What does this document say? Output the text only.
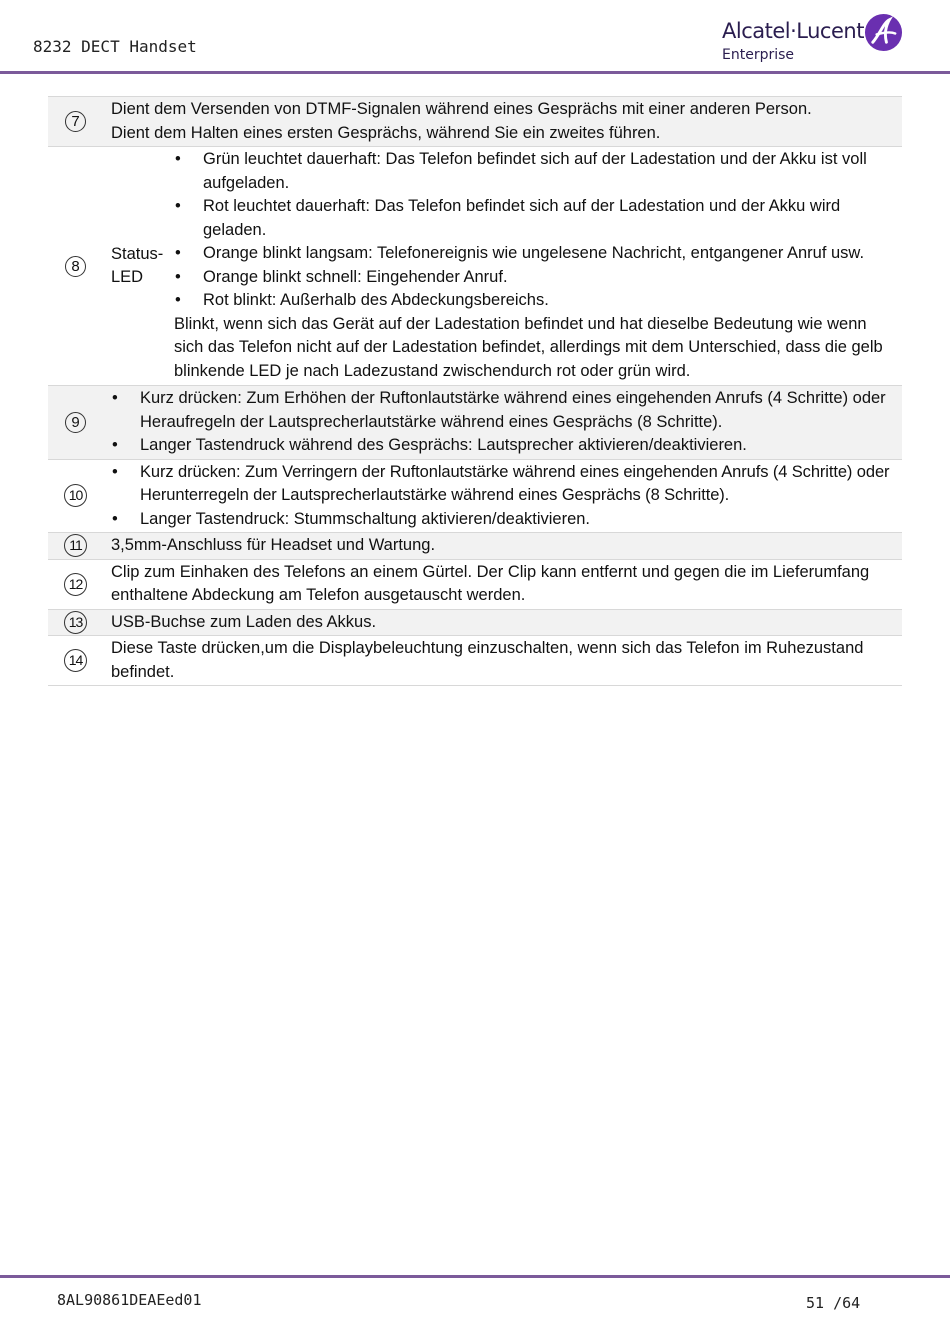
8232 DECT Handset
Alcatel·Lucent
Enterprise
7

Dient dem Versenden von DTMF-Signalen während eines Gesprächs mit einer anderen Person.

Dient dem Halten eines ersten Gesprächs, während Sie ein zweites führen.

8
Status-LED
• Grün leuchtet dauerhaft: Das Telefon befindet sich auf der Ladestation und der Akku ist voll aufgeladen.
• Rot leuchtet dauerhaft: Das Telefon befindet sich auf der Ladestation und der Akku wird geladen.
• Orange blinkt langsam: Telefonereignis wie ungelesene Nachricht, entgangener Anruf usw.
• Orange blinkt schnell: Eingehender Anruf.
• Rot blinkt: Außerhalb des Abdeckungsbereichs.

Blinkt, wenn sich das Gerät auf der Ladestation befindet und hat dieselbe Bedeutung wie wenn sich das Telefon nicht auf der Ladestation befindet, allerdings mit dem Unterschied, dass die gelb blinkende LED je nach Ladezustand zwischendurch rot oder grün wird.

9
• Kurz drücken: Zum Erhöhen der Ruftonlautstärke während eines eingehenden Anrufs (4 Schritte) oder Heraufregeln der Lautsprecherlautstärke während eines Gesprächs (8 Schritte).
• Langer Tastendruck während des Gesprächs: Lautsprecher aktivieren/deaktivieren.
10
• Kurz drücken: Zum Verringern der Ruftonlautstärke während eines eingehenden Anrufs (4 Schritte) oder Herunterregeln der Lautsprecherlautstärke während eines Gesprächs (8 Schritte).
• Langer Tastendruck: Stummschaltung aktivieren/deaktivieren.
11	3,5mm-Anschluss für Headset und Wartung.

12

Clip zum Einhaken des Telefons an einem Gürtel. Der Clip kann entfernt und gegen die im Lieferumfang enthaltene Abdeckung am Telefon ausgetauscht werden.

13 USB-Buchse zum Laden des Akkus.

14

Diese Taste drücken,um die Displaybeleuchtung einzuschalten, wenn sich das Telefon im Ruhezustand befindet.

8AL90861DEAEed01	51 /64
